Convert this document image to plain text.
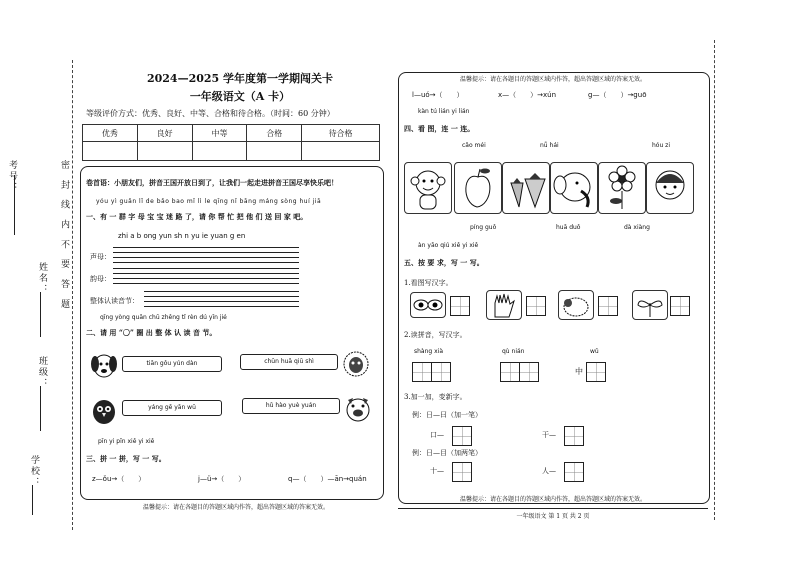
考号：
姓名：
班级：
学校：
密 封 线 内 不 要 答 题
2024—2025 学年度第一学期闯关卡
一年级语文（A 卡）
等级评价方式：优秀、良好、中等、合格和待合格。（时间：60 分钟）
优秀	良好	中等	合格	待合格

卷首语：小朋友们，拼音王国开放日到了，让我们一起走进拼音王国尽享快乐吧！
yóu yì guǎn lǐ de bǎo bao mǐ lì le qīng nǐ bāng máng sòng huí jiā
一、有 一 群 字 母 宝 宝 迷 路 了，请 你 帮 忙 把 他 们 送 回 家 吧。
zhi a b ong yun sh n yu ie yuan g en
声母：
韵母：
整体认读音节：
qīng yòng quān chū zhěng tǐ rèn dú yīn jié
二、请 用 “〇” 圈 出 整 体 认 读 音 节。
tiān gǒu yún dàn	chūn huā qiū shì
yáng gē yān wū	hǔ hào yuè yuán
pīn yi pīn xiě yi xiě
三、拼 一 拼，写 一 写。
z—ǒu→（　　）	j—ü→（　　）	q—（　　）—ān→quán
温馨提示：请在各题目的答题区域内作答，超出答题区域的答案无效。
温馨提示：请在各题目的答题区域内作答，超出答题区域的答案无效。
l—uó→（　　）	x—（　　）→xún	g—（　　）→guō
kàn tú lián yi lián
四、看 图，连 一 连。
cǎo méi	nǚ hái	hóu zi
píng guǒ	huā duǒ	dà xiàng
àn yāo qiú xiě yi xiě
五、按 要 求，写 一 写。
1.看图写汉字。
2.读拼音，写汉字。
shàng xià	qù nián	wǔ
中
3.加一加，变新字。
例：日—曰（加一笔）
口—	干—
例：日—目（加两笔）
十—	人—
温馨提示：请在各题目的答题区域内作答，超出答题区域的答案无效。
一年级语文 第 1 页 共 2 页
